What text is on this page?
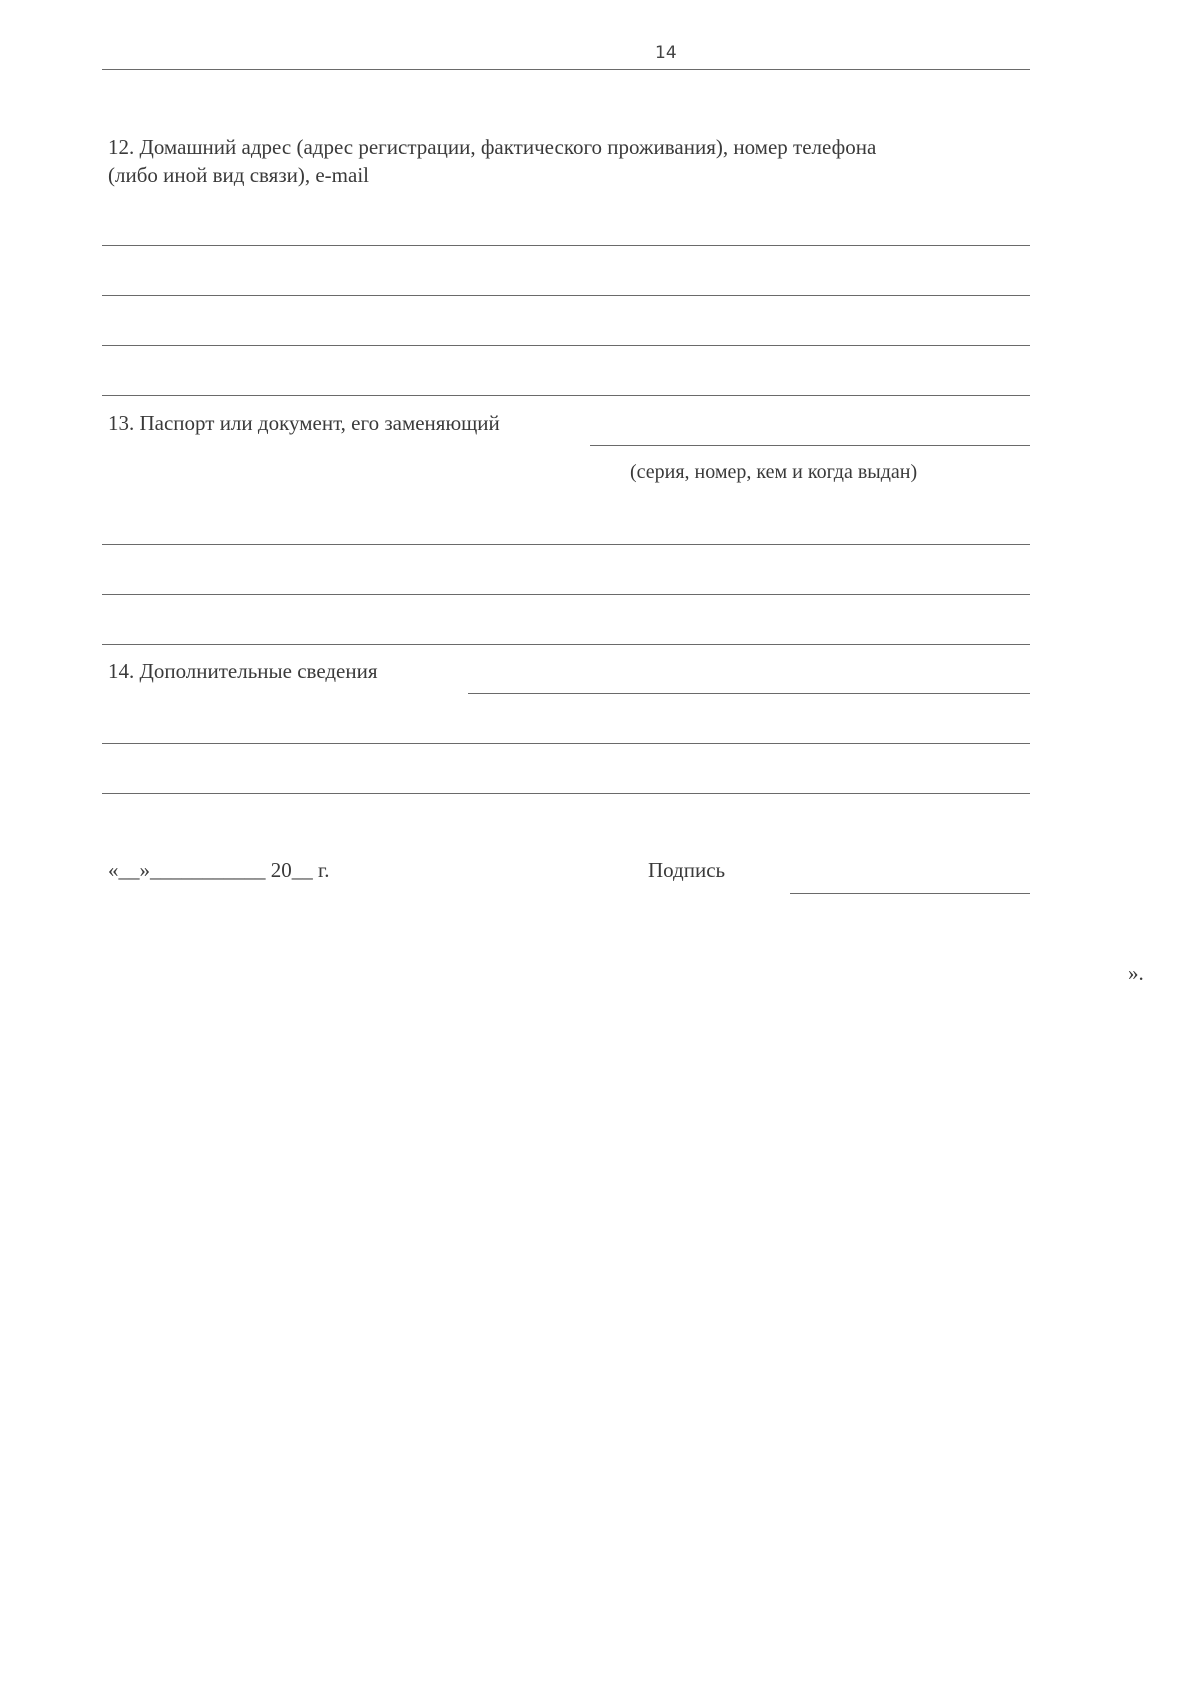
14
12. Домашний адрес (адрес регистрации, фактического проживания), номер телефона
(либо иной вид связи), e-mail
13. Паспорт или документ, его заменяющий
(серия, номер, кем и когда выдан)
14. Дополнительные сведения
«__»___________ 20__ г.	Подпись
».
